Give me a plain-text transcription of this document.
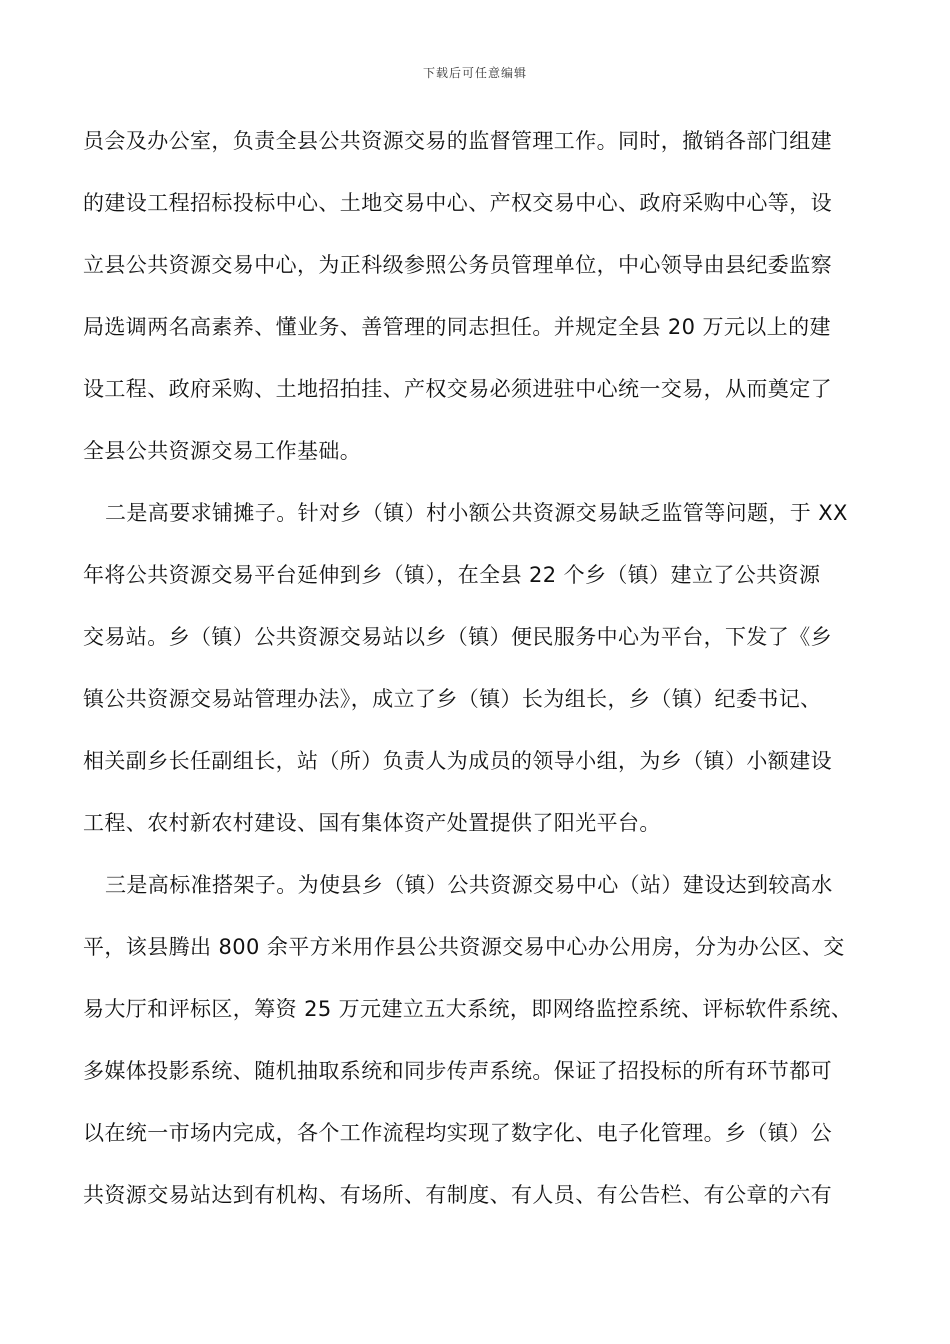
下载后可任意编辑
员会及办公室，负责全县公共资源交易的监督管理工作。同时，撤销各部门组建
的建设工程招标投标中心、土地交易中心、产权交易中心、政府采购中心等，设
立县公共资源交易中心，为正科级参照公务员管理单位，中心领导由县纪委监察
局选调两名高素养、懂业务、善管理的同志担任。并规定全县 20 万元以上的建
设工程、政府采购、土地招拍挂、产权交易必须进驻中心统一交易，从而奠定了
全县公共资源交易工作基础。
二是高要求铺摊子。针对乡（镇）村小额公共资源交易缺乏监管等问题，于 XX
年将公共资源交易平台延伸到乡（镇），在全县 22 个乡（镇）建立了公共资源
交易站。乡（镇）公共资源交易站以乡（镇）便民服务中心为平台，下发了《乡
镇公共资源交易站管理办法》，成立了乡（镇）长为组长，乡（镇）纪委书记、
相关副乡长任副组长，站（所）负责人为成员的领导小组，为乡（镇）小额建设
工程、农村新农村建设、国有集体资产处置提供了阳光平台。
三是高标准搭架子。为使县乡（镇）公共资源交易中心（站）建设达到较高水
平，该县腾出 800 余平方米用作县公共资源交易中心办公用房，分为办公区、交
易大厅和评标区，筹资 25 万元建立五大系统，即网络监控系统、评标软件系统、
多媒体投影系统、随机抽取系统和同步传声系统。保证了招投标的所有环节都可
以在统一市场内完成，各个工作流程均实现了数字化、电子化管理。乡（镇）公
共资源交易站达到有机构、有场所、有制度、有人员、有公告栏、有公章的六有
